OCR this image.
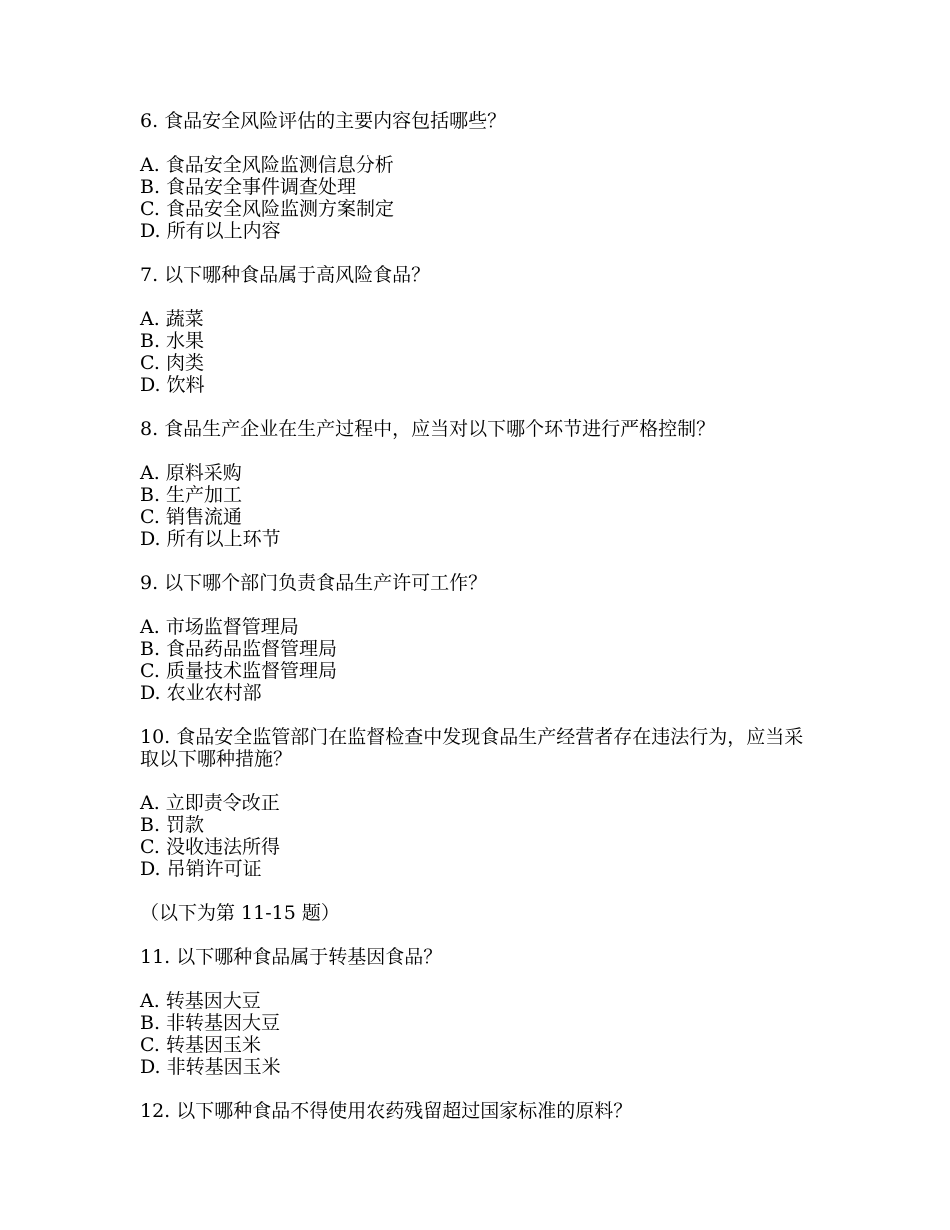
6. 食品安全风险评估的主要内容包括哪些？
A. 食品安全风险监测信息分析
B. 食品安全事件调查处理
C. 食品安全风险监测方案制定
D. 所有以上内容
7. 以下哪种食品属于高风险食品？
A. 蔬菜
B. 水果
C. 肉类
D. 饮料
8. 食品生产企业在生产过程中，应当对以下哪个环节进行严格控制？
A. 原料采购
B. 生产加工
C. 销售流通
D. 所有以上环节
9. 以下哪个部门负责食品生产许可工作？
A. 市场监督管理局
B. 食品药品监督管理局
C. 质量技术监督管理局
D. 农业农村部
10. 食品安全监管部门在监督检查中发现食品生产经营者存在违法行为，应当采取以下哪种措施？
A. 立即责令改正
B. 罚款
C. 没收违法所得
D. 吊销许可证
（以下为第 11-15 题）
11. 以下哪种食品属于转基因食品？
A. 转基因大豆
B. 非转基因大豆
C. 转基因玉米
D. 非转基因玉米
12. 以下哪种食品不得使用农药残留超过国家标准的原料？
